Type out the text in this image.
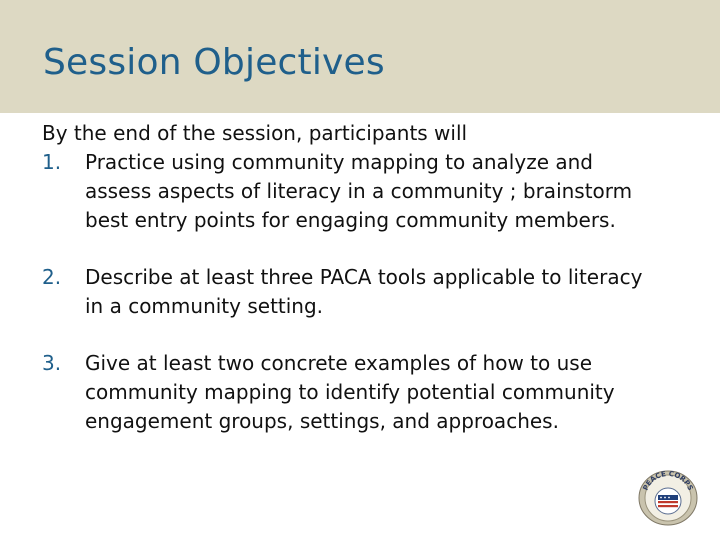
Session Objectives

By the end of the session, participants will

1. Practice using community mapping to analyze and assess aspects of literacy in a community ; brainstorm best entry points for engaging community members.

2. Describe at least three PACA tools applicable to literacy in a community setting.

3. Give at least two concrete examples of how to use community mapping to identify potential community engagement groups, settings, and approaches.

PEACE CORPS
